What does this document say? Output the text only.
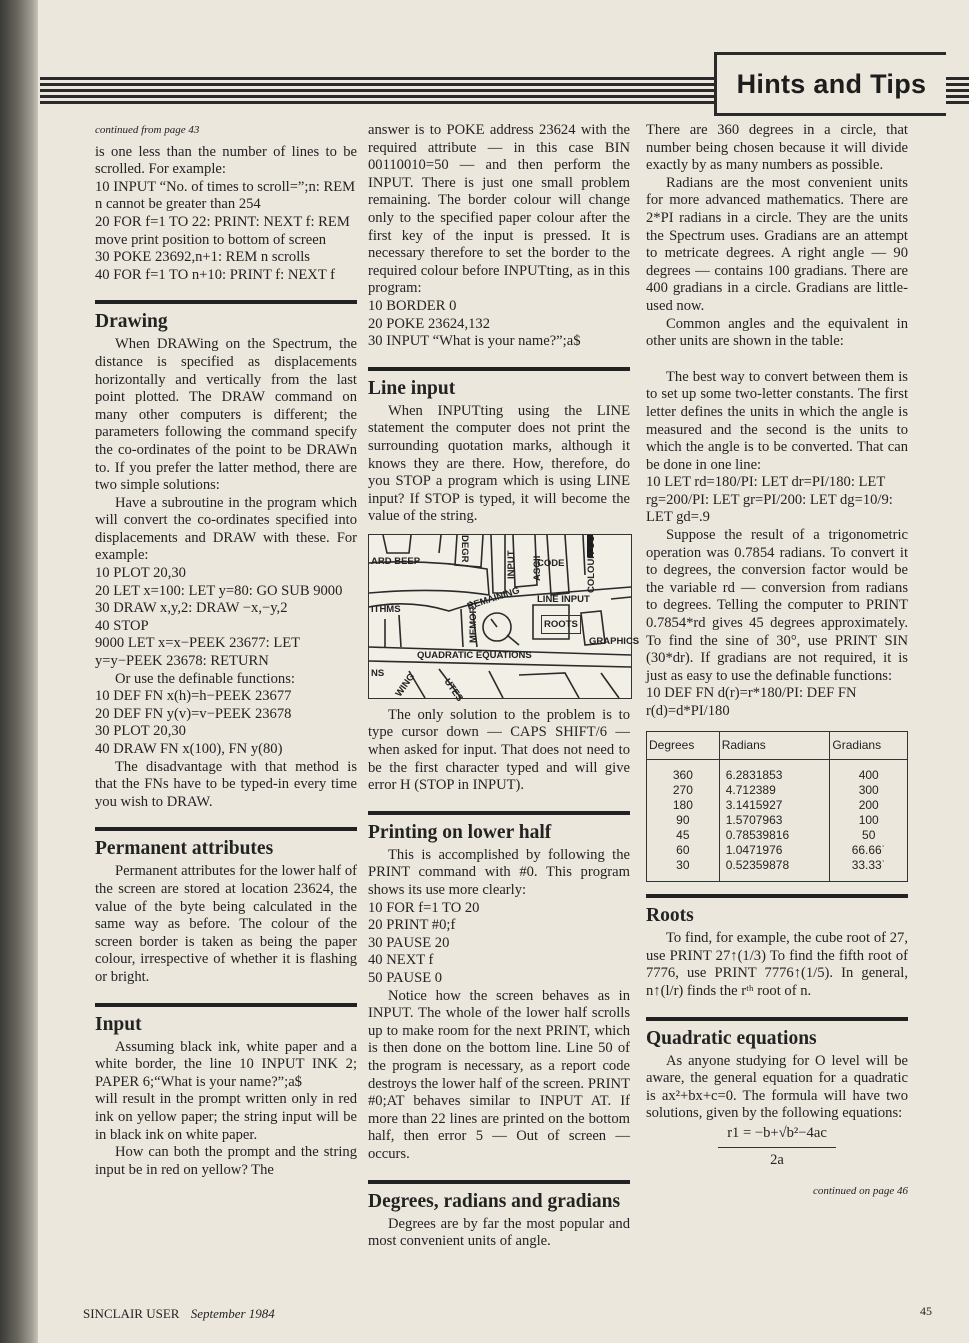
Hints and Tips

continued from page 43

is one less than the number of lines to be scrolled. For example:

10 INPUT “No. of times to scroll=”;n: REM n cannot be greater than 254

20 FOR f=1 TO 22: PRINT: NEXT f: REM move print position to bottom of screen

30 POKE 23692,n+1: REM n scrolls

40 FOR f=1 TO n+10: PRINT f: NEXT f

Drawing

When DRAWing on the Spectrum, the distance is specified as displacements horizontally and vertically from the last point plotted. The DRAW command on many other computers is different; the parameters following the command specify the co-ordinates of the point to be DRAWn to. If you prefer the latter method, there are two simple solutions:

Have a subroutine in the program which will convert the co-ordinates specified into displacements and DRAW with these. For example:

10 PLOT 20,30

20 LET x=100: LET y=80: GO SUB 9000

30 DRAW x,y,2: DRAW −x,−y,2

40 STOP

9000 LET x=x−PEEK 23677: LET y=y−PEEK 23678: RETURN

Or use the definable functions:

10 DEF FN x(h)=h−PEEK 23677

20 DEF FN y(v)=v−PEEK 23678

30 PLOT 20,30

40 DRAW FN x(100), FN y(80)

The disadvantage with that method is that the FNs have to be typed-in every time you wish to DRAW.

Permanent attributes

Permanent attributes for the lower half of the screen are stored at location 23624, the value of the byte being calculated in the same way as before. The colour of the screen border is taken as being the paper colour, irrespective of whether it is flashing or bright.

Input

Assuming black ink, white paper and a white border, the line 10 INPUT INK 2; PAPER 6;“What is your name?”;a$

will result in the prompt written only in red ink on yellow paper; the string input will be in black ink on white paper.

How can both the prompt and the string input be in red on yellow? The

answer is to POKE address 23624 with the required attribute — in this case BIN 00110010=50 — and then perform the INPUT. There is just one small problem remaining. The border colour will change only to the specified paper colour after the first key of the input is pressed. It is necessary therefore to set the border to the required colour before INPUTting, as in this program:

10 BORDER 0

20 POKE 23624,132

30 INPUT “What is your name?”;a$

Line input

When INPUTting using the LINE statement the computer does not print the surrounding quotation marks, although it knows they are there. How, therefore, do you STOP a program which is using LINE input? If STOP is typed, it will become the value of the string.

ARD BEEP	DEGR
INPUT	ASCII
CODE	COLOUR CO
REMAINING LINE INPUT
ITHMS	MEMORY	ROOTS
GRAPHICS
QUADRATIC EQUATIONS
NS WING	UTES

The only solution to the problem is to type cursor down — CAPS SHIFT/6 — when asked for input. That does not need to be the first character typed and will give error H (STOP in INPUT).

Printing on lower half

This is accomplished by following the PRINT command with #0. This program shows its use more clearly:

10 FOR f=1 TO 20

20 PRINT #0;f

30 PAUSE 20

40 NEXT f

50 PAUSE 0

Notice how the screen behaves as in INPUT. The whole of the lower half scrolls up to make room for the next PRINT, which is then done on the bottom line. Line 50 of the program is necessary, as a report code destroys the lower half of the screen. PRINT #0;AT behaves similar to INPUT AT. If more than 22 lines are printed on the bottom half, then error 5 — Out of screen — occurs.

Degrees, radians and gradians

Degrees are by far the most popular and most convenient units of angle.

There are 360 degrees in a circle, that number being chosen because it will divide exactly by as many numbers as possible.

Radians are the most convenient units for more advanced mathematics. There are 2*PI radians in a circle. They are the units the Spectrum uses. Gradians are an attempt to metricate degrees. A right angle — 90 degrees — contains 100 gradians. There are 400 gradians in a circle. Gradians are little-used now.

Common angles and the equivalent in other units are shown in the table:

The best way to convert between them is to set up some two-letter constants. The first letter defines the units in which the angle is measured and the second is the units to which the angle is to be converted. That can be done in one line:

10 LET rd=180/PI: LET dr=PI/180: LET rg=200/PI: LET gr=PI/200: LET dg=10/9: LET gd=.9

Suppose the result of a trigonometric operation was 0.7854 radians. To convert it to degrees, the conversion factor would be the variable rd — conversion from radians to degrees. Telling the computer to PRINT 0.7854*rd gives 45 degrees approximately. To find the sine of 30°, use PRINT SIN (30*dr). If gradians are not required, it is just as easy to use the definable functions:

10 DEF FN d(r)=r*180/PI: DEF FN r(d)=d*PI/180

Degrees	Radians	Gradians
360	6.2831853	400
270	4.712389	300
180	3.1415927	200
90	1.5707963	100
45	0.78539816	50
60	1.0471976	66.66˙
30	0.52359878	33.33˙
Roots

To find, for example, the cube root of 27, use PRINT 27↑(1/3) To find the fifth root of 7776, use PRINT 7776↑(1/5). In general, n↑(l/r) finds the rᵗʰ root of n.

Quadratic equations

As anyone studying for O level will be aware, the general equation for a quadratic is ax²+bx+c=0. The formula will have two solutions, given by the following equations:

r1 = −b+√b²−4ac
2a

continued on page 46

SINCLAIR USER September 1984	45
